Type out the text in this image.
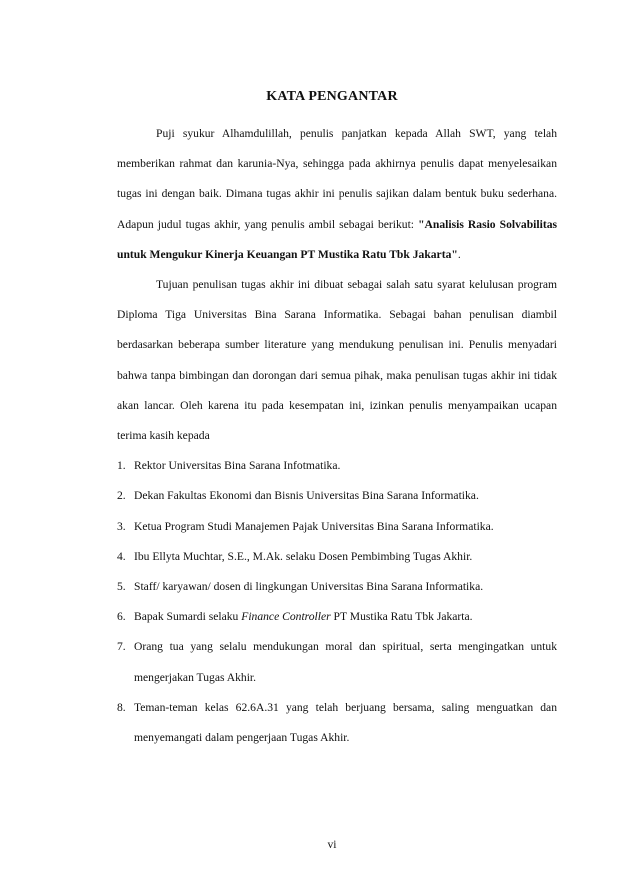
KATA PENGANTAR

Puji syukur Alhamdulillah, penulis panjatkan kepada Allah SWT, yang telah memberikan rahmat dan karunia-Nya, sehingga pada akhirnya penulis dapat menyelesaikan tugas ini dengan baik. Dimana tugas akhir ini penulis sajikan dalam bentuk buku sederhana. Adapun judul tugas akhir, yang penulis ambil sebagai berikut: "Analisis Rasio Solvabilitas untuk Mengukur Kinerja Keuangan PT Mustika Ratu Tbk Jakarta".

Tujuan penulisan tugas akhir ini dibuat sebagai salah satu syarat kelulusan program Diploma Tiga Universitas Bina Sarana Informatika. Sebagai bahan penulisan diambil berdasarkan beberapa sumber literature yang mendukung penulisan ini. Penulis menyadari bahwa tanpa bimbingan dan dorongan dari semua pihak, maka penulisan tugas akhir ini tidak akan lancar. Oleh karena itu pada kesempatan ini, izinkan penulis menyampaikan ucapan terima kasih kepada

1. Rektor Universitas Bina Sarana Infotmatika.
2. Dekan Fakultas Ekonomi dan Bisnis Universitas Bina Sarana Informatika.
3. Ketua Program Studi Manajemen Pajak Universitas Bina Sarana Informatika.
4. Ibu Ellyta Muchtar, S.E., M.Ak. selaku Dosen Pembimbing Tugas Akhir.
5. Staff/ karyawan/ dosen di lingkungan Universitas Bina Sarana Informatika.
6. Bapak Sumardi selaku Finance Controller PT Mustika Ratu Tbk Jakarta.
7. Orang tua yang selalu mendukungan moral dan spiritual, serta mengingatkan untuk mengerjakan Tugas Akhir.
8. Teman-teman kelas 62.6A.31 yang telah berjuang bersama, saling menguatkan dan menyemangati dalam pengerjaan Tugas Akhir.
vi
